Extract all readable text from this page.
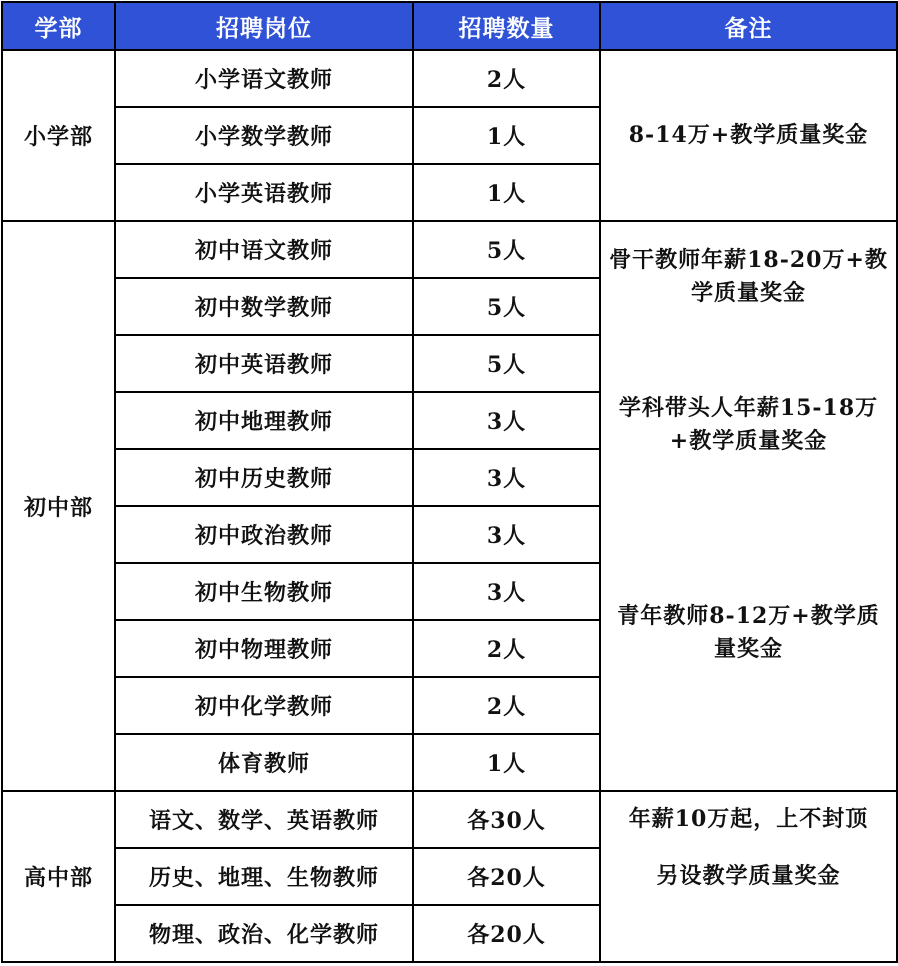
学部	招聘岗位	招聘数量	备注
小学部	小学语文教师	2人	8-14万+教学质量奖金

	小学数学教师	1人	
	小学英语教师	1人	
初中部	初中语文教师	5人	骨干教师年薪18-20万+教学质量奖金
学科带头人年薪15-18万+教学质量奖金
青年教师8-12万+教学质量奖金

	初中数学教师	5人	
	初中英语教师	5人	
	初中地理教师	3人	
	初中历史教师	3人	
	初中政治教师	3人	
	初中生物教师	3人	
	初中物理教师	2人	
	初中化学教师	2人	
	体育教师	1人	
高中部	语文、数学、英语教师	各30人	年薪10万起，上不封顶
另设教学质量奖金

	历史、地理、生物教师	各20人	
	物理、政治、化学教师	各20人	
